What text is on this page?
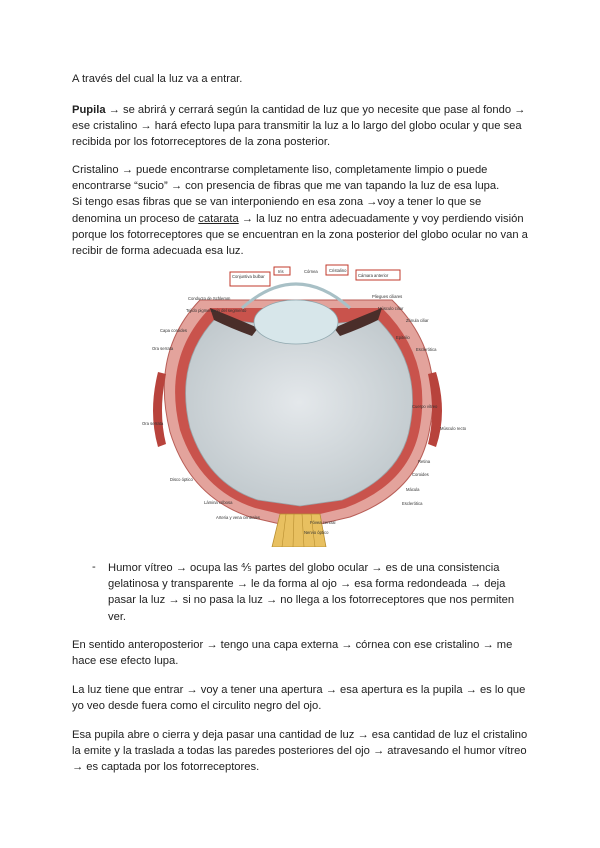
A través del cual la luz va a entrar.

Pupila → se abrirá y cerrará según la cantidad de luz que yo necesite que pase al fondo → ese cristalino → hará efecto lupa para transmitir la luz a lo largo del globo ocular y que sea recibida por los fotorreceptores de la zona posterior.

Cristalino → puede encontrarse completamente liso, completamente limpio o puede encontrarse “sucio” → con presencia de fibras que me van tapando la luz de esa lupa.
Si tengo esas fibras que se van interponiendo en esa zona →voy a tener lo que se denomina un proceso de catarata → la luz no entra adecuadamente y voy perdiendo visión porque los fotorreceptores que se encuentran en la zona posterior del globo ocular no van a recibir de forma adecuada esa luz.

Conjuntiva bulbar
Iris	Córnea	Cristalino
Conducto de Schlemm
Tejido pigmentario del segmento
Capa coroides
Ora serrata
Ora serrata
Disco óptico
Lámina cribosa
Arteria y vena centrales
Nervio óptico
Cámara anterior
Pliegues ciliares
Músculo ciliar
Zónula ciliar
Epitelio
Esclerótica
Cuerpo vítreo
Músculo recto
Retina
Coroides
Esclerótica
Fóvea central
Mácula
- Humor vítreo → ocupa las ⅘ partes del globo ocular → es de una consistencia gelatinosa y transparente → le da forma al ojo → esa forma redondeada → deja pasar la luz → si no pasa la luz → no llega a los fotorreceptores que nos permiten ver.

En sentido anteroposterior → tengo una capa externa → córnea con ese cristalino → me hace ese efecto lupa.

La luz tiene que entrar → voy a tener una apertura → esa apertura es la pupila → es lo que yo veo desde fuera como el circulito negro del ojo.

Esa pupila abre o cierra y deja pasar una cantidad de luz → esa cantidad de luz el cristalino la emite y la traslada a todas las paredes posteriores del ojo → atravesando el humor vítreo → es captada por los fotorreceptores.
